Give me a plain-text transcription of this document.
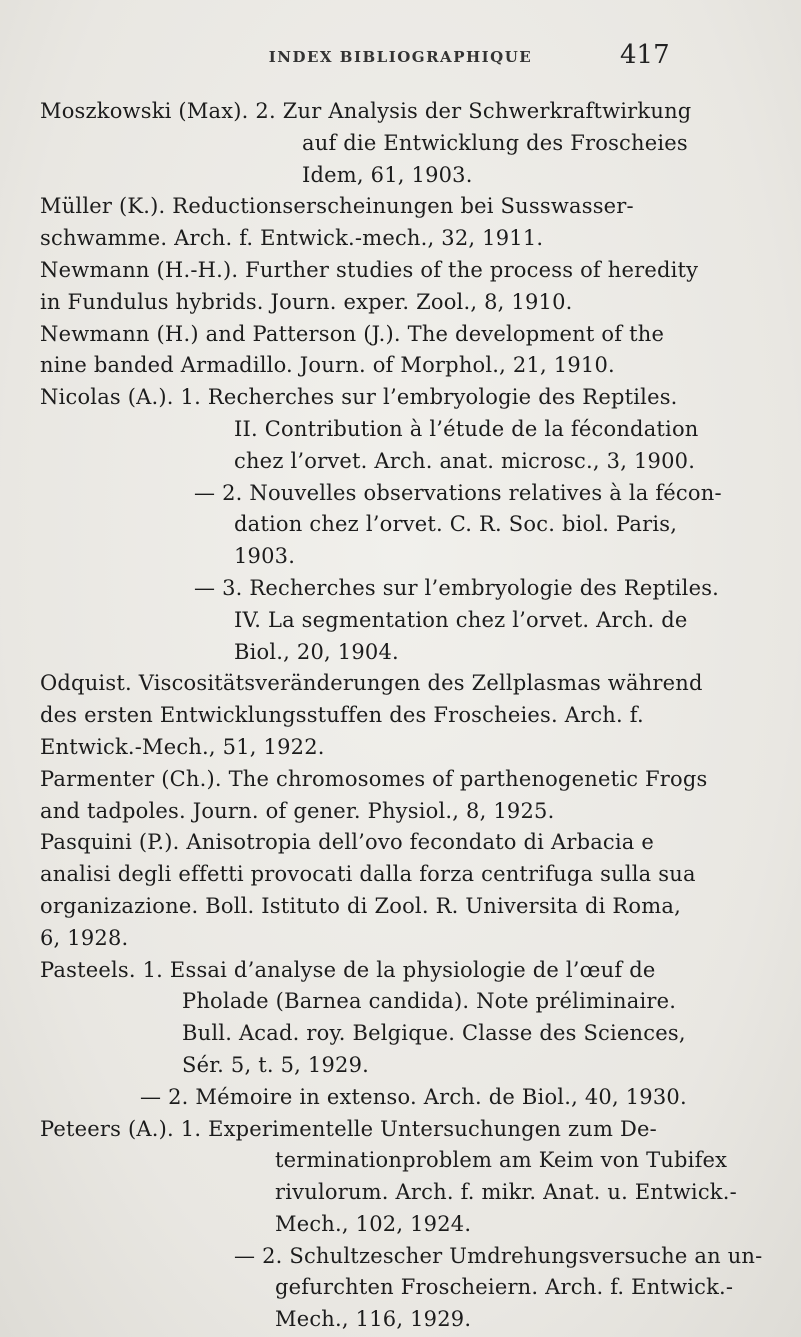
INDEX BIBLIOGRAPHIQUE	417
Moszkowski (Max). 2. Zur Analysis der Schwerkraftwirkung
auf die Entwicklung des Froscheies
Idem, 61, 1903.
Müller (K.). Reductionserscheinungen bei Susswasser-
schwamme. Arch. f. Entwick.-mech., 32, 1911.
Newmann (H.-H.). Further studies of the process of heredity
in Fundulus hybrids. Journ. exper. Zool., 8, 1910.
Newmann (H.) and Patterson (J.). The development of the
nine banded Armadillo. Journ. of Morphol., 21, 1910.
Nicolas (A.). 1. Recherches sur l’embryologie des Reptiles.
II. Contribution à l’étude de la fécondation
chez l’orvet. Arch. anat. microsc., 3, 1900.
— 2. Nouvelles observations relatives à la fécon-
dation chez l’orvet. C. R. Soc. biol. Paris,
1903.
— 3. Recherches sur l’embryologie des Reptiles.
IV. La segmentation chez l’orvet. Arch. de
Biol., 20, 1904.
Odquist. Viscositätsveränderungen des Zellplasmas während
des ersten Entwicklungsstuffen des Froscheies. Arch. f.
Entwick.-Mech., 51, 1922.
Parmenter (Ch.). The chromosomes of parthenogenetic Frogs
and tadpoles. Journ. of gener. Physiol., 8, 1925.
Pasquini (P.). Anisotropia dell’ovo fecondato di Arbacia e
analisi degli effetti provocati dalla forza centrifuga sulla sua
organizazione. Boll. Istituto di Zool. R. Universita di Roma,
6, 1928.
Pasteels. 1. Essai d’analyse de la physiologie de l’œuf de
Pholade (Barnea candida). Note préliminaire.
Bull. Acad. roy. Belgique. Classe des Sciences,
Sér. 5, t. 5, 1929.
— 2. Mémoire in extenso. Arch. de Biol., 40, 1930.
Peteers (A.). 1. Experimentelle Untersuchungen zum De-
terminationproblem am Keim von Tubifex
rivulorum. Arch. f. mikr. Anat. u. Entwick.-
Mech., 102, 1924.
— 2. Schultzescher Umdrehungsversuche an un-
gefurchten Froscheiern. Arch. f. Entwick.-
Mech., 116, 1929.
